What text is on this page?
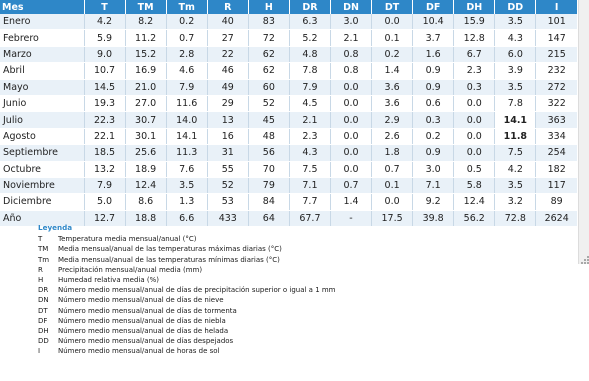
Mes	T	TM	Tm	R	H	DR	DN	DT	DF	DH	DD	I
Enero	4.2	8.2	0.2	40	83	6.3	3.0	0.0	10.4	15.9	3.5	101
Febrero	5.9	11.2	0.7	27	72	5.2	2.1	0.1	3.7	12.8	4.3	147
Marzo	9.0	15.2	2.8	22	62	4.8	0.8	0.2	1.6	6.7	6.0	215
Abril	10.7	16.9	4.6	46	62	7.8	0.8	1.4	0.9	2.3	3.9	232
Mayo	14.5	21.0	7.9	49	60	7.9	0.0	3.6	0.9	0.3	3.5	272
Junio	19.3	27.0	11.6	29	52	4.5	0.0	3.6	0.6	0.0	7.8	322
Julio	22.3	30.7	14.0	13	45	2.1	0.0	2.9	0.3	0.0	14.1	363
Agosto	22.1	30.1	14.1	16	48	2.3	0.0	2.6	0.2	0.0	11.8	334
Septiembre	18.5	25.6	11.3	31	56	4.3	0.0	1.8	0.9	0.0	7.5	254
Octubre	13.2	18.9	7.6	55	70	7.5	0.0	0.7	3.0	0.5	4.2	182
Noviembre	7.9	12.4	3.5	52	79	7.1	0.7	0.1	7.1	5.8	3.5	117
Diciembre	5.0	8.6	1.3	53	84	7.7	1.4	0.0	9.2	12.4	3.2	89
Año	12.7	18.8	6.6	433	64	67.7	-	17.5	39.8	56.2	72.8	2624
Leyenda
T Temperatura media mensual/anual (°C)
TM Media mensual/anual de las temperaturas máximas diarias (°C)
Tm Media mensual/anual de las temperaturas mínimas diarias (°C)
R Precipitación mensual/anual media (mm)
H Humedad relativa media (%)
DR Número medio mensual/anual de días de precipitación superior o igual a 1 mm
DN Número medio mensual/anual de días de nieve
DT Número medio mensual/anual de días de tormenta
DF Número medio mensual/anual de días de niebla
DH Número medio mensual/anual de días de helada
DD Número medio mensual/anual de días despejados
I	Número medio mensual/anual de horas de sol
